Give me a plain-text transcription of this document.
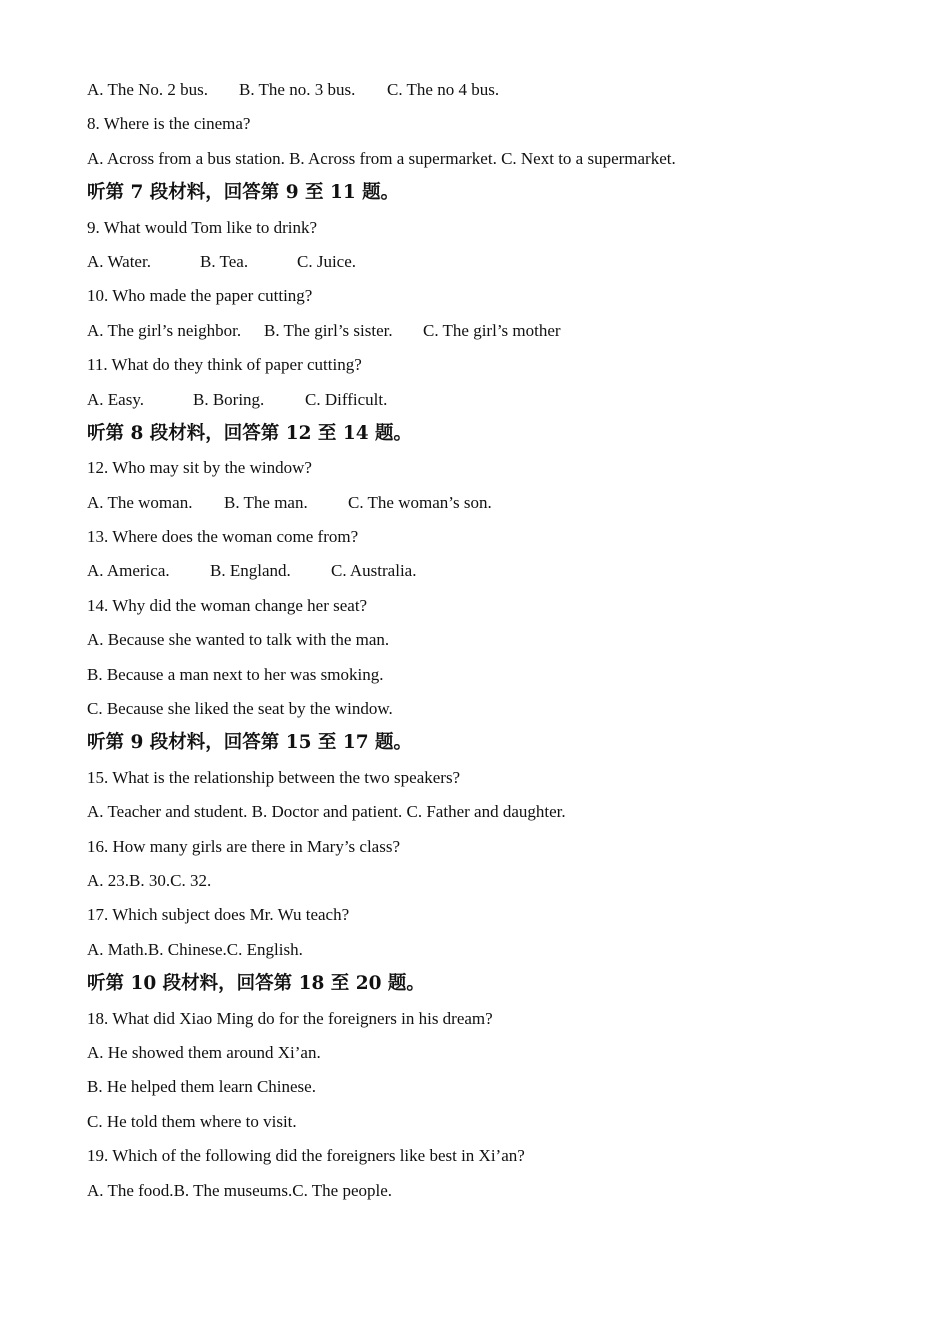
A. The No. 2 bus. B. The no. 3 bus. C. The no 4 bus.
8. Where is the cinema?
A. Across from a bus station. B. Across from a supermarket. C. Next to a supermarket.
听第 7 段材料，回答第 9 至 11 题。
9. What would Tom like to drink?
A. Water.	B. Tea.	C. Juice.
10. Who made the paper cutting?
A. The girl’s neighbor. B. The girl’s sister. C. The girl’s mother
11. What do they think of paper cutting?
A. Easy.	B. Boring. C. Difficult.
听第 8 段材料，回答第 12 至 14 题。
12. Who may sit by the window?
A. The woman. B. The man. C. The woman’s son.
13. Where does the woman come from?
A. America. B. England. C. Australia.
14. Why did the woman change her seat?
A. Because she wanted to talk with the man.
B. Because a man next to her was smoking.
C. Because she liked the seat by the window.
听第 9 段材料，回答第 15 至 17 题。
15. What is the relationship between the two speakers?
A. Teacher and student. B. Doctor and patient. C. Father and daughter.
16. How many girls are there in Mary’s class?
A. 23.B. 30.C. 32.
17. Which subject does Mr. Wu teach?
A. Math.B. Chinese.C. English.
听第 10 段材料，回答第 18 至 20 题。
18. What did Xiao Ming do for the foreigners in his dream?
A. He showed them around Xi’an.
B. He helped them learn Chinese.
C. He told them where to visit.
19. Which of the following did the foreigners like best in Xi’an?
A. The food.B. The museums.C. The people.
